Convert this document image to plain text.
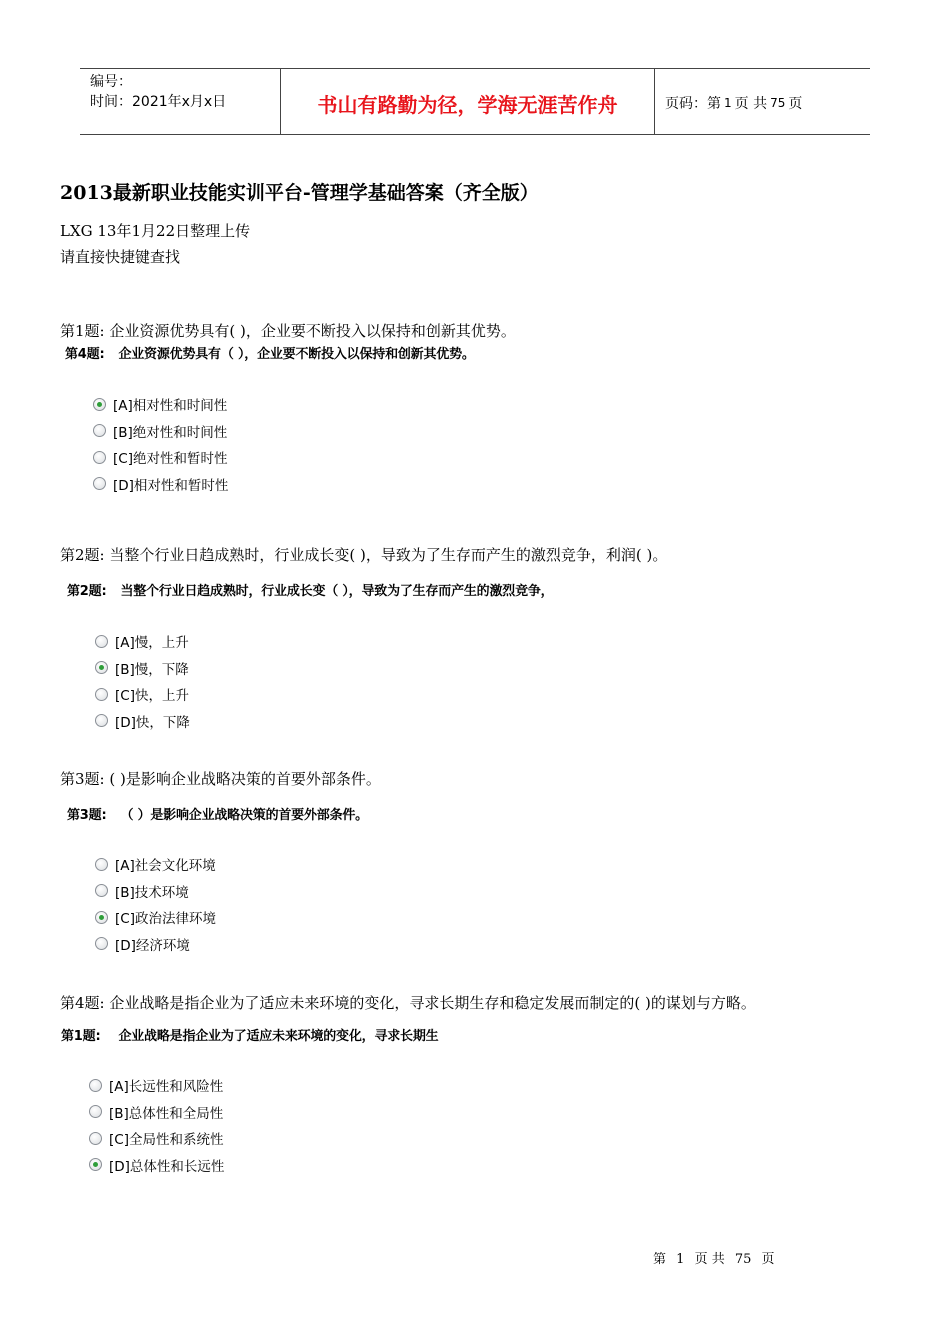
编号：
时间：2021年x月x日	书山有路勤为径，学海无涯苦作舟	页码：第 1 页 共 75 页
2013最新职业技能实训平台-管理学基础答案（齐全版）
LXG 13年1月22日整理上传
请直接快捷键查找
第1题: 企业资源优势具有( )，企业要不断投入以保持和创新其优势。
第4题: 企业资源优势具有（ ），企业要不断投入以保持和创新其优势。
[A]相对性和时间性
[B]绝对性和时间性
[C]绝对性和暂时性
[D]相对性和暂时性
第2题: 当整个行业日趋成熟时，行业成长变( )，导致为了生存而产生的激烈竞争，利润( )。
第2题: 当整个行业日趋成熟时，行业成长变（ ），导致为了生存而产生的激烈竞争，
[A]慢，上升
[B]慢，下降
[C]快，上升
[D]快，下降
第3题: ( )是影响企业战略决策的首要外部条件。
第3题: （ ）是影响企业战略决策的首要外部条件。
[A]社会文化环境
[B]技术环境
[C]政治法律环境
[D]经济环境
第4题: 企业战略是指企业为了适应未来环境的变化，寻求长期生存和稳定发展而制定的( )的谋划与方略。
第1题: 企业战略是指企业为了适应未来环境的变化，寻求长期生
[A]长远性和风险性
[B]总体性和全局性
[C]全局性和系统性
[D]总体性和长远性
第 1 页 共 75 页
